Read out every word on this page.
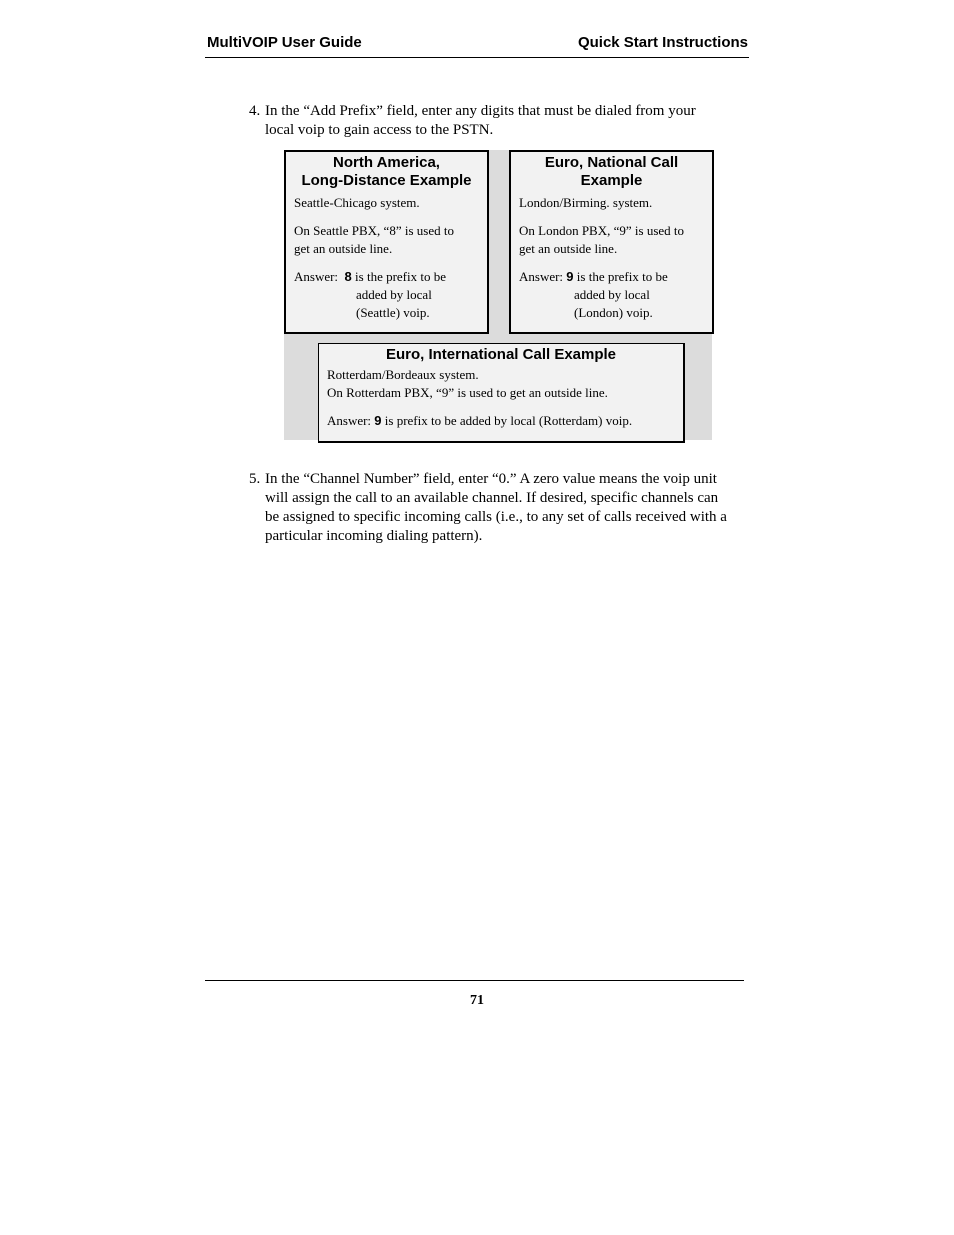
MultiVOIP User Guide	Quick Start Instructions
4. In the “Add Prefix” field, enter any digits that must be dialed from your
local voip to gain access to the PSTN.
North America,
Long-Distance Example
Seattle-Chicago system.
On Seattle PBX, “8” is used to
get an outside line.
Answer: 8 is the prefix to be
added by local
(Seattle) voip.
Euro, National Call
Example
London/Birming. system.
On London PBX, “9” is used to
get an outside line.
Answer: 9 is the prefix to be
added by local
(London) voip.
Euro, International Call Example
Rotterdam/Bordeaux system.
On Rotterdam PBX, “9” is used to get an outside line.
Answer: 9 is prefix to be added by local (Rotterdam) voip.
5. In the “Channel Number” field, enter “0.” A zero value means the voip unit
will assign the call to an available channel. If desired, specific channels can
be assigned to specific incoming calls (i.e., to any set of calls received with a
particular incoming dialing pattern).
71
